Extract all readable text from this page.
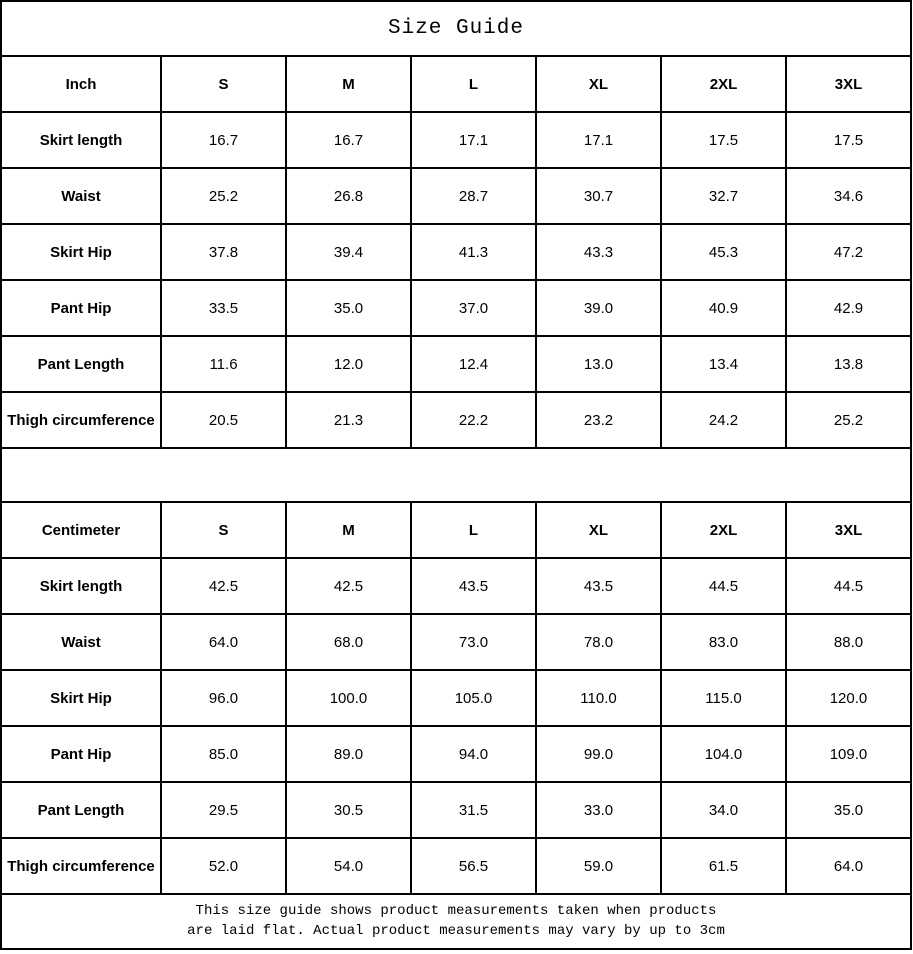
Size Guide						
Inch	S	M	L	XL	2XL	3XL
Skirt length	16.7	16.7	17.1	17.1	17.5	17.5
Waist	25.2	26.8	28.7	30.7	32.7	34.6
Skirt Hip	37.8	39.4	41.3	43.3	45.3	47.2
Pant Hip	33.5	35.0	37.0	39.0	40.9	42.9
Pant Length	11.6	12.0	12.4	13.0	13.4	13.8
Thigh circumference	20.5	21.3	22.2	23.2	24.2	25.2

Centimeter	S	M	L	XL	2XL	3XL
Skirt length	42.5	42.5	43.5	43.5	44.5	44.5
Waist	64.0	68.0	73.0	78.0	83.0	88.0
Skirt Hip	96.0	100.0	105.0	110.0	115.0	120.0
Pant Hip	85.0	89.0	94.0	99.0	104.0	109.0
Pant Length	29.5	30.5	31.5	33.0	34.0	35.0
Thigh circumference	52.0	54.0	56.5	59.0	61.5	64.0

This size guide shows product measurements taken when products
are laid flat. Actual product measurements may vary by up to 3cm						
